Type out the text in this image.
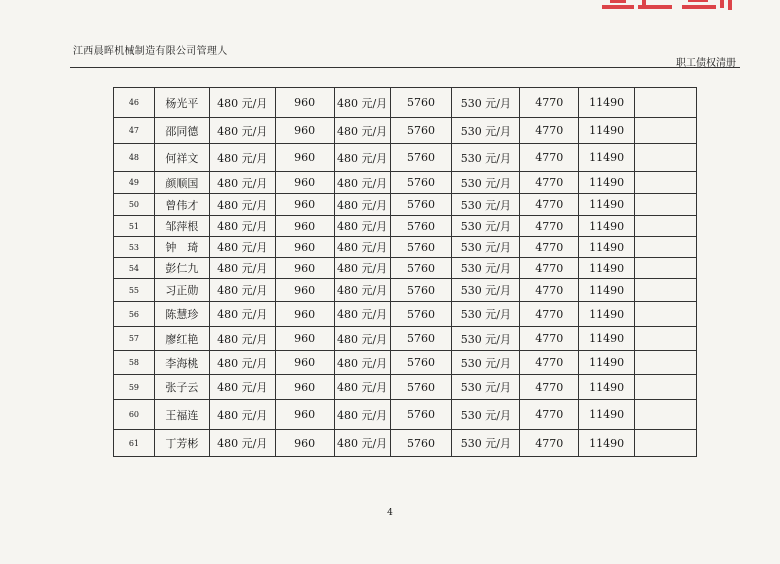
江西晨晖机械制造有限公司管理人
职工债权清册
46	杨光平	480 元/月	960	480 元/月	5760	530 元/月	4770	11490	
47	邵同德	480 元/月	960	480 元/月	5760	530 元/月	4770	11490	
48	何祥文	480 元/月	960	480 元/月	5760	530 元/月	4770	11490	
49	颜顺国	480 元/月	960	480 元/月	5760	530 元/月	4770	11490	
50	曾伟才	480 元/月	960	480 元/月	5760	530 元/月	4770	11490	
51	邹萍根	480 元/月	960	480 元/月	5760	530 元/月	4770	11490	
53	钟　琦	480 元/月	960	480 元/月	5760	530 元/月	4770	11490	
54	彭仁九	480 元/月	960	480 元/月	5760	530 元/月	4770	11490	
55	习正勋	480 元/月	960	480 元/月	5760	530 元/月	4770	11490	
56	陈慧珍	480 元/月	960	480 元/月	5760	530 元/月	4770	11490	
57	廖红艳	480 元/月	960	480 元/月	5760	530 元/月	4770	11490	
58	李海桃	480 元/月	960	480 元/月	5760	530 元/月	4770	11490	
59	张子云	480 元/月	960	480 元/月	5760	530 元/月	4770	11490	
60	王福连	480 元/月	960	480 元/月	5760	530 元/月	4770	11490	
61	丁芳彬	480 元/月	960	480 元/月	5760	530 元/月	4770	11490	
4
